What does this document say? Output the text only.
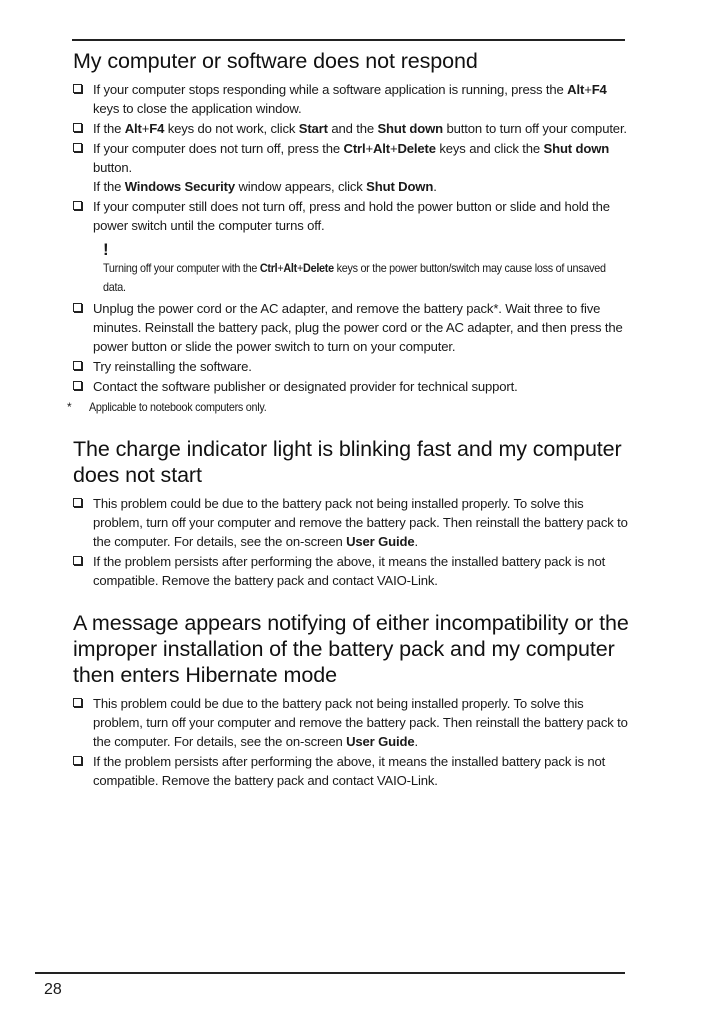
My computer or software does not respond
If your computer stops responding while a software application is running, press the Alt+F4 keys to close the application window.
If the Alt+F4 keys do not work, click Start and the Shut down button to turn off your computer.
If your computer does not turn off, press the Ctrl+Alt+Delete keys and click the Shut down button.
If the Windows Security window appears, click Shut Down.
If your computer still does not turn off, press and hold the power button or slide and hold the power switch until the computer turns off.
!
Turning off your computer with the Ctrl+Alt+Delete keys or the power button/switch may cause loss of unsaved data.
Unplug the power cord or the AC adapter, and remove the battery pack*. Wait three to five minutes. Reinstall the battery pack, plug the power cord or the AC adapter, and then press the power button or slide the power switch to turn on your computer.
Try reinstalling the software.
Contact the software publisher or designated provider for technical support.
* Applicable to notebook computers only.
The charge indicator light is blinking fast and my computer does not start
This problem could be due to the battery pack not being installed properly. To solve this problem, turn off your computer and remove the battery pack. Then reinstall the battery pack to the computer. For details, see the on-screen User Guide.
If the problem persists after performing the above, it means the installed battery pack is not compatible. Remove the battery pack and contact VAIO-Link.
A message appears notifying of either incompatibility or the improper installation of the battery pack and my computer then enters Hibernate mode
This problem could be due to the battery pack not being installed properly. To solve this problem, turn off your computer and remove the battery pack. Then reinstall the battery pack to the computer. For details, see the on-screen User Guide.
If the problem persists after performing the above, it means the installed battery pack is not compatible. Remove the battery pack and contact VAIO-Link.
28
